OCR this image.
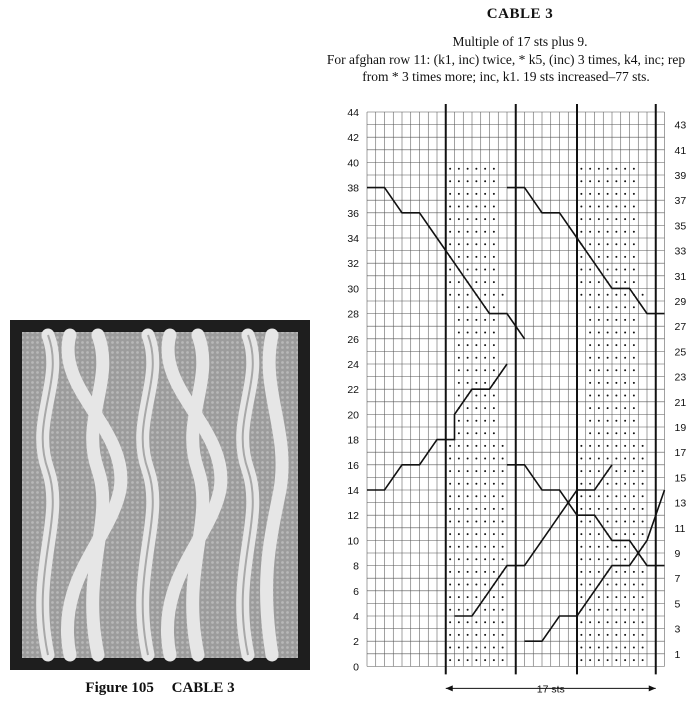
CABLE 3
Multiple of 17 sts plus 9.
For afghan row 11: (k1, inc) twice, * k5, (inc) 3 times, k4, inc; rep from * 3 times more; inc, k1. 19 sts increased–77 sts.
Figure 105 CABLE 3
0
2
4
6
8
10
12
14
16
18
20
22
24
26
28
30
32
34
36
38
40
42
44
1
3
5
7
9
11
13
15
17
19
21
23
25
27
29
31
33
35
37
39
41
43
17 sts
